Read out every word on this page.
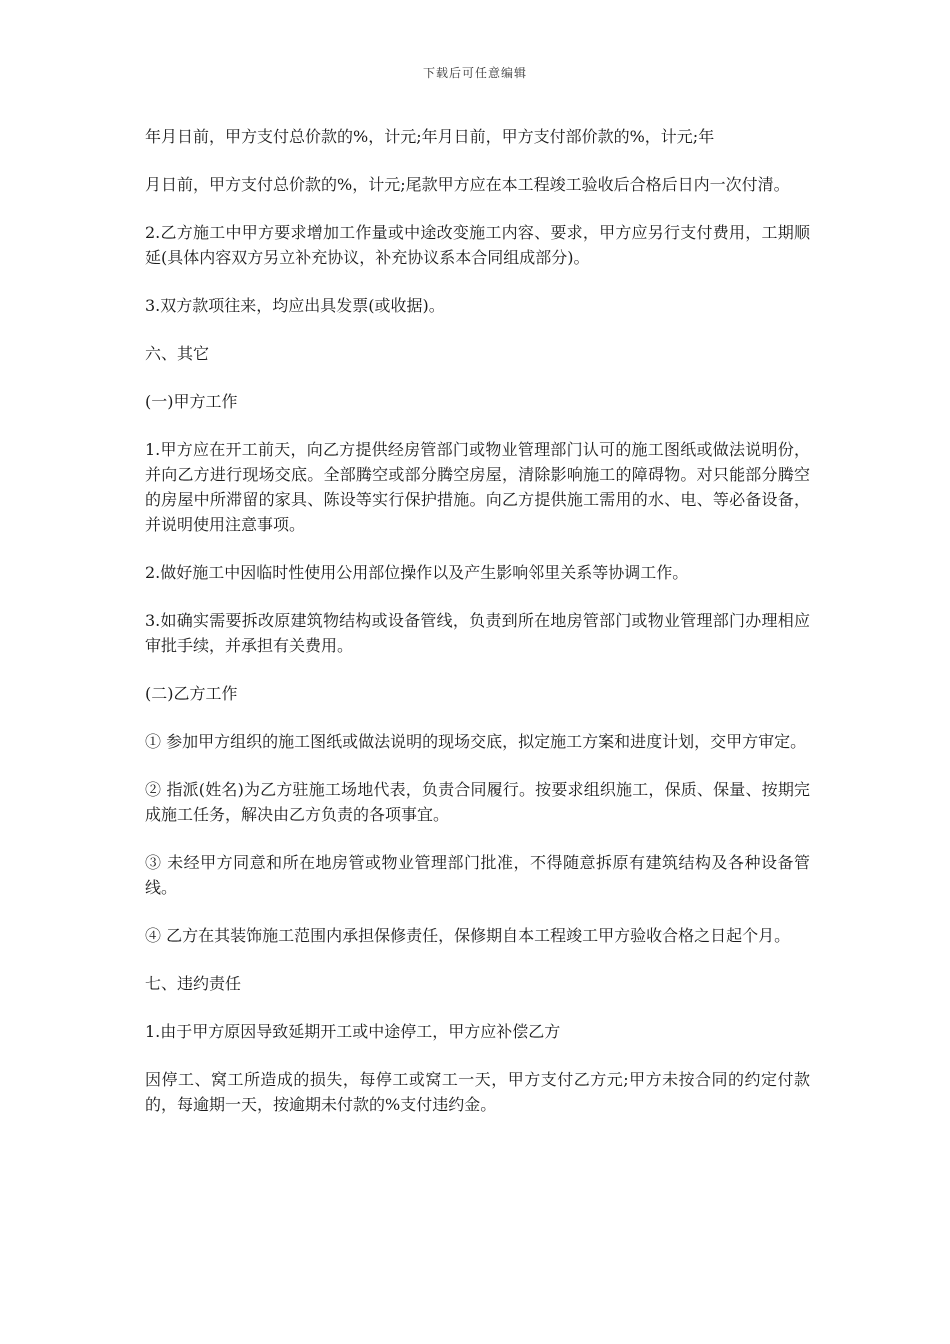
下载后可任意编辑

年月日前，甲方支付总价款的%，计元;年月日前，甲方支付部价款的%，计元;年

月日前，甲方支付总价款的%，计元;尾款甲方应在本工程竣工验收后合格后日内一次付清。

2.乙方施工中甲方要求增加工作量或中途改变施工内容、要求，甲方应另行支付费用，工期顺延(具体内容双方另立补充协议，补充协议系本合同组成部分)。

3.双方款项往来，均应出具发票(或收据)。

六、其它

(一)甲方工作

1.甲方应在开工前天，向乙方提供经房管部门或物业管理部门认可的施工图纸或做法说明份，并向乙方进行现场交底。全部腾空或部分腾空房屋，清除影响施工的障碍物。对只能部分腾空的房屋中所滞留的家具、陈设等实行保护措施。向乙方提供施工需用的水、电、等必备设备，并说明使用注意事项。

2.做好施工中因临时性使用公用部位操作以及产生影响邻里关系等协调工作。

3.如确实需要拆改原建筑物结构或设备管线，负责到所在地房管部门或物业管理部门办理相应审批手续，并承担有关费用。

(二)乙方工作

① 参加甲方组织的施工图纸或做法说明的现场交底，拟定施工方案和进度计划，交甲方审定。

② 指派(姓名)为乙方驻施工场地代表，负责合同履行。按要求组织施工，保质、保量、按期完成施工任务，解决由乙方负责的各项事宜。

③ 未经甲方同意和所在地房管或物业管理部门批准，不得随意拆原有建筑结构及各种设备管线。

④ 乙方在其装饰施工范围内承担保修责任，保修期自本工程竣工甲方验收合格之日起个月。

七、违约责任

1.由于甲方原因导致延期开工或中途停工，甲方应补偿乙方

因停工、窝工所造成的损失，每停工或窝工一天，甲方支付乙方元;甲方未按合同的约定付款的，每逾期一天，按逾期未付款的%支付违约金。
